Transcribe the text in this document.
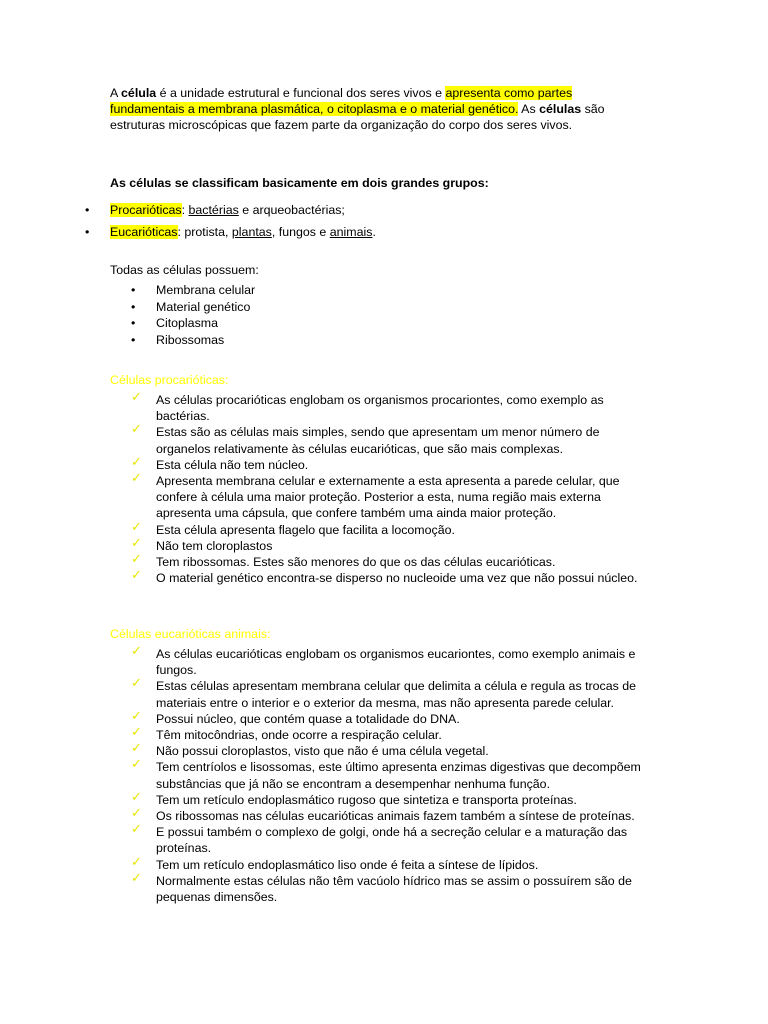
A célula é a unidade estrutural e funcional dos seres vivos e apresenta como partes fundamentais a membrana plasmática, o citoplasma e o material genético. As células são estruturas microscópicas que fazem parte da organização do corpo dos seres vivos.

As células se classificam basicamente em dois grandes grupos:

• Procarióticas: bactérias e arqueobactérias;
• Eucarióticas: protista, plantas, fungos e animais.

Todas as células possuem:

• Membrana celular
• Material genético
• Citoplasma
• Ribossomas

Células procarióticas:

✓ As células procarióticas englobam os organismos procariontes, como exemplo as bactérias.
✓ Estas são as células mais simples, sendo que apresentam um menor número de organelos relativamente às células eucarióticas, que são mais complexas.
✓ Esta célula não tem núcleo.
✓ Apresenta membrana celular e externamente a esta apresenta a parede celular, que confere à célula uma maior proteção. Posterior a esta, numa região mais externa apresenta uma cápsula, que confere também uma ainda maior proteção.
✓ Esta célula apresenta flagelo que facilita a locomoção.
✓ Não tem cloroplastos
✓ Tem ribossomas. Estes são menores do que os das células eucarióticas.
✓ O material genético encontra-se disperso no nucleoide uma vez que não possui núcleo.

Células eucarióticas animais:

✓ As células eucarióticas englobam os organismos eucariontes, como exemplo animais e fungos.
✓ Estas células apresentam membrana celular que delimita a célula e regula as trocas de materiais entre o interior e o exterior da mesma, mas não apresenta parede celular.
✓ Possui núcleo, que contém quase a totalidade do DNA.
✓ Têm mitocôndrias, onde ocorre a respiração celular.
✓ Não possui cloroplastos, visto que não é uma célula vegetal.
✓ Tem centríolos e lisossomas, este último apresenta enzimas digestivas que decompõem substâncias que já não se encontram a desempenhar nenhuma função.
✓ Tem um retículo endoplasmático rugoso que sintetiza e transporta proteínas.
✓ Os ribossomas nas células eucarióticas animais fazem também a síntese de proteínas.
✓ E possui também o complexo de golgi, onde há a secreção celular e a maturação das proteínas.
✓ Tem um retículo endoplasmático liso onde é feita a síntese de lípidos.
✓ Normalmente estas células não têm vacúolo hídrico mas se assim o possuírem são de pequenas dimensões.
